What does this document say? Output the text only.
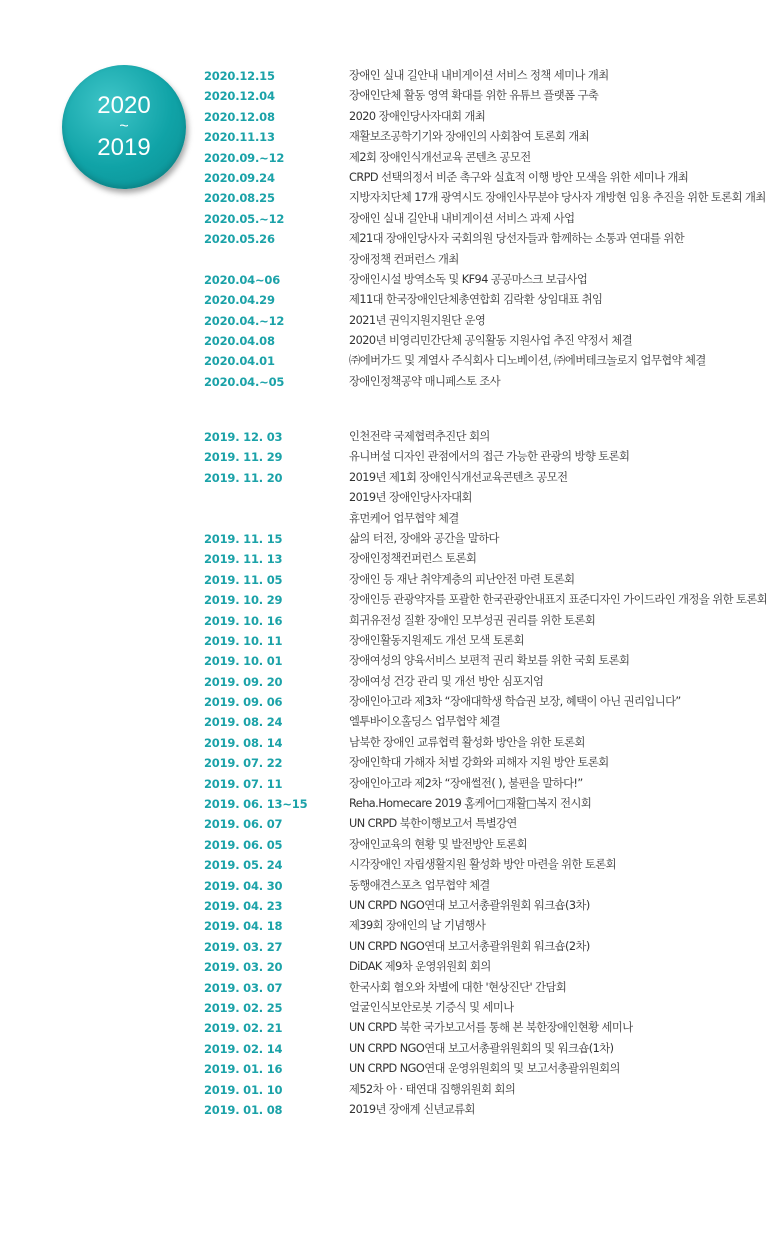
2020
~
2019
2020.12.15	장애인 실내 길안내 내비게이션 서비스 정책 세미나 개최
2020.12.04	장애인단체 활동 영역 확대를 위한 유튜브 플랫폼 구축
2020.12.08	2020 장애인당사자대회 개최
2020.11.13	재활보조공학기기와 장애인의 사회참여 토론회 개최
2020.09.~12	제2회 장애인식개선교육 콘텐츠 공모전
2020.09.24	CRPD 선택의정서 비준 촉구와 실효적 이행 방안 모색을 위한 세미나 개최
2020.08.25	지방자치단체 17개 광역시도 장애인사무분야 당사자 개방현 임용 추진을 위한 토론회 개최
2020.05.~12	장애인 실내 길안내 내비게이션 서비스 과제 사업
2020.05.26	제21대 장애인당사자 국회의원 당선자들과 함께하는 소통과 연대를 위한
장애정책 컨퍼런스 개최
2020.04~06	장애인시설 방역소독 및 KF94 공공마스크 보급사업
2020.04.29	제11대 한국장애인단체총연합회 김락환 상임대표 취임
2020.04.~12	2021년 권익지원지원단 운영
2020.04.08	2020년 비영리민간단체 공익활동 지원사업 추진 약정서 체결
2020.04.01	㈜에버가드 및 계열사 주식회사 디노베이션, ㈜에버테크놀로지 업무협약 체결
2020.04.~05	장애인정책공약 매니페스토 조사
2019. 12. 03	인천전략 국제협력추진단 회의
2019. 11. 29	유니버설 디자인 관점에서의 접근 가능한 관광의 방향 토론회
2019. 11. 20	2019년 제1회 장애인식개선교육콘텐츠 공모전
2019년 장애인당사자대회
휴먼케어 업무협약 체결
2019. 11. 15	삶의 터전, 장애와 공간을 말하다
2019. 11. 13	장애인정책컨퍼런스 토론회
2019. 11. 05	장애인 등 재난 취약계층의 피난안전 마련 토론회
2019. 10. 29	장애인등 관광약자를 포괄한 한국관광안내표지 표준디자인 가이드라인 개정을 위한 토론회
2019. 10. 16	희귀유전성 질환 장애인 모부성권 권리를 위한 토론회
2019. 10. 11	장애인활동지원제도 개선 모색 토론회
2019. 10. 01	장애여성의 양육서비스 보편적 권리 확보를 위한 국회 토론회
2019. 09. 20	장애여성 건강 관리 및 개선 방안 심포지엄
2019. 09. 06	장애인아고라 제3차 “장애대학생 학습권 보장, 혜택이 아닌 권리입니다”
2019. 08. 24	엘투바이오홀딩스 업무협약 체결
2019. 08. 14	남북한 장애인 교류협력 활성화 방안을 위한 토론회
2019. 07. 22	장애인학대 가해자 처벌 강화와 피해자 지원 방안 토론회
2019. 07. 11	장애인아고라 제2차 “장애썰전( ), 불편을 말하다!”
2019. 06. 13~15	Reha.Homecare 2019 홈케어□재활□복지 전시회
2019. 06. 07	UN CRPD 북한이행보고서 특별강연
2019. 06. 05	장애인교육의 현황 및 발전방안 토론회
2019. 05. 24	시각장애인 자립생활지원 활성화 방안 마련을 위한 토론회
2019. 04. 30	동행애견스포츠 업무협약 체결
2019. 04. 23	UN CRPD NGO연대 보고서총괄위원회 워크숍(3차)
2019. 04. 18	제39회 장애인의 날 기념행사
2019. 03. 27	UN CRPD NGO연대 보고서총괄위원회 워크숍(2차)
2019. 03. 20	DiDAK 제9차 운영위원회 회의
2019. 03. 07	한국사회 혐오와 차별에 대한 '현상진단' 간담회
2019. 02. 25	얼굴인식보안로봇 기증식 및 세미나
2019. 02. 21	UN CRPD 북한 국가보고서를 통해 본 북한장애인현황 세미나
2019. 02. 14	UN CRPD NGO연대 보고서총괄위원회의 및 워크숍(1차)
2019. 01. 16	UN CRPD NGO연대 운영위원회의 및 보고서총괄위원회의
2019. 01. 10	제52차 아 · 태연대 집행위원회 회의
2019. 01. 08	2019년 장애계 신년교류회
